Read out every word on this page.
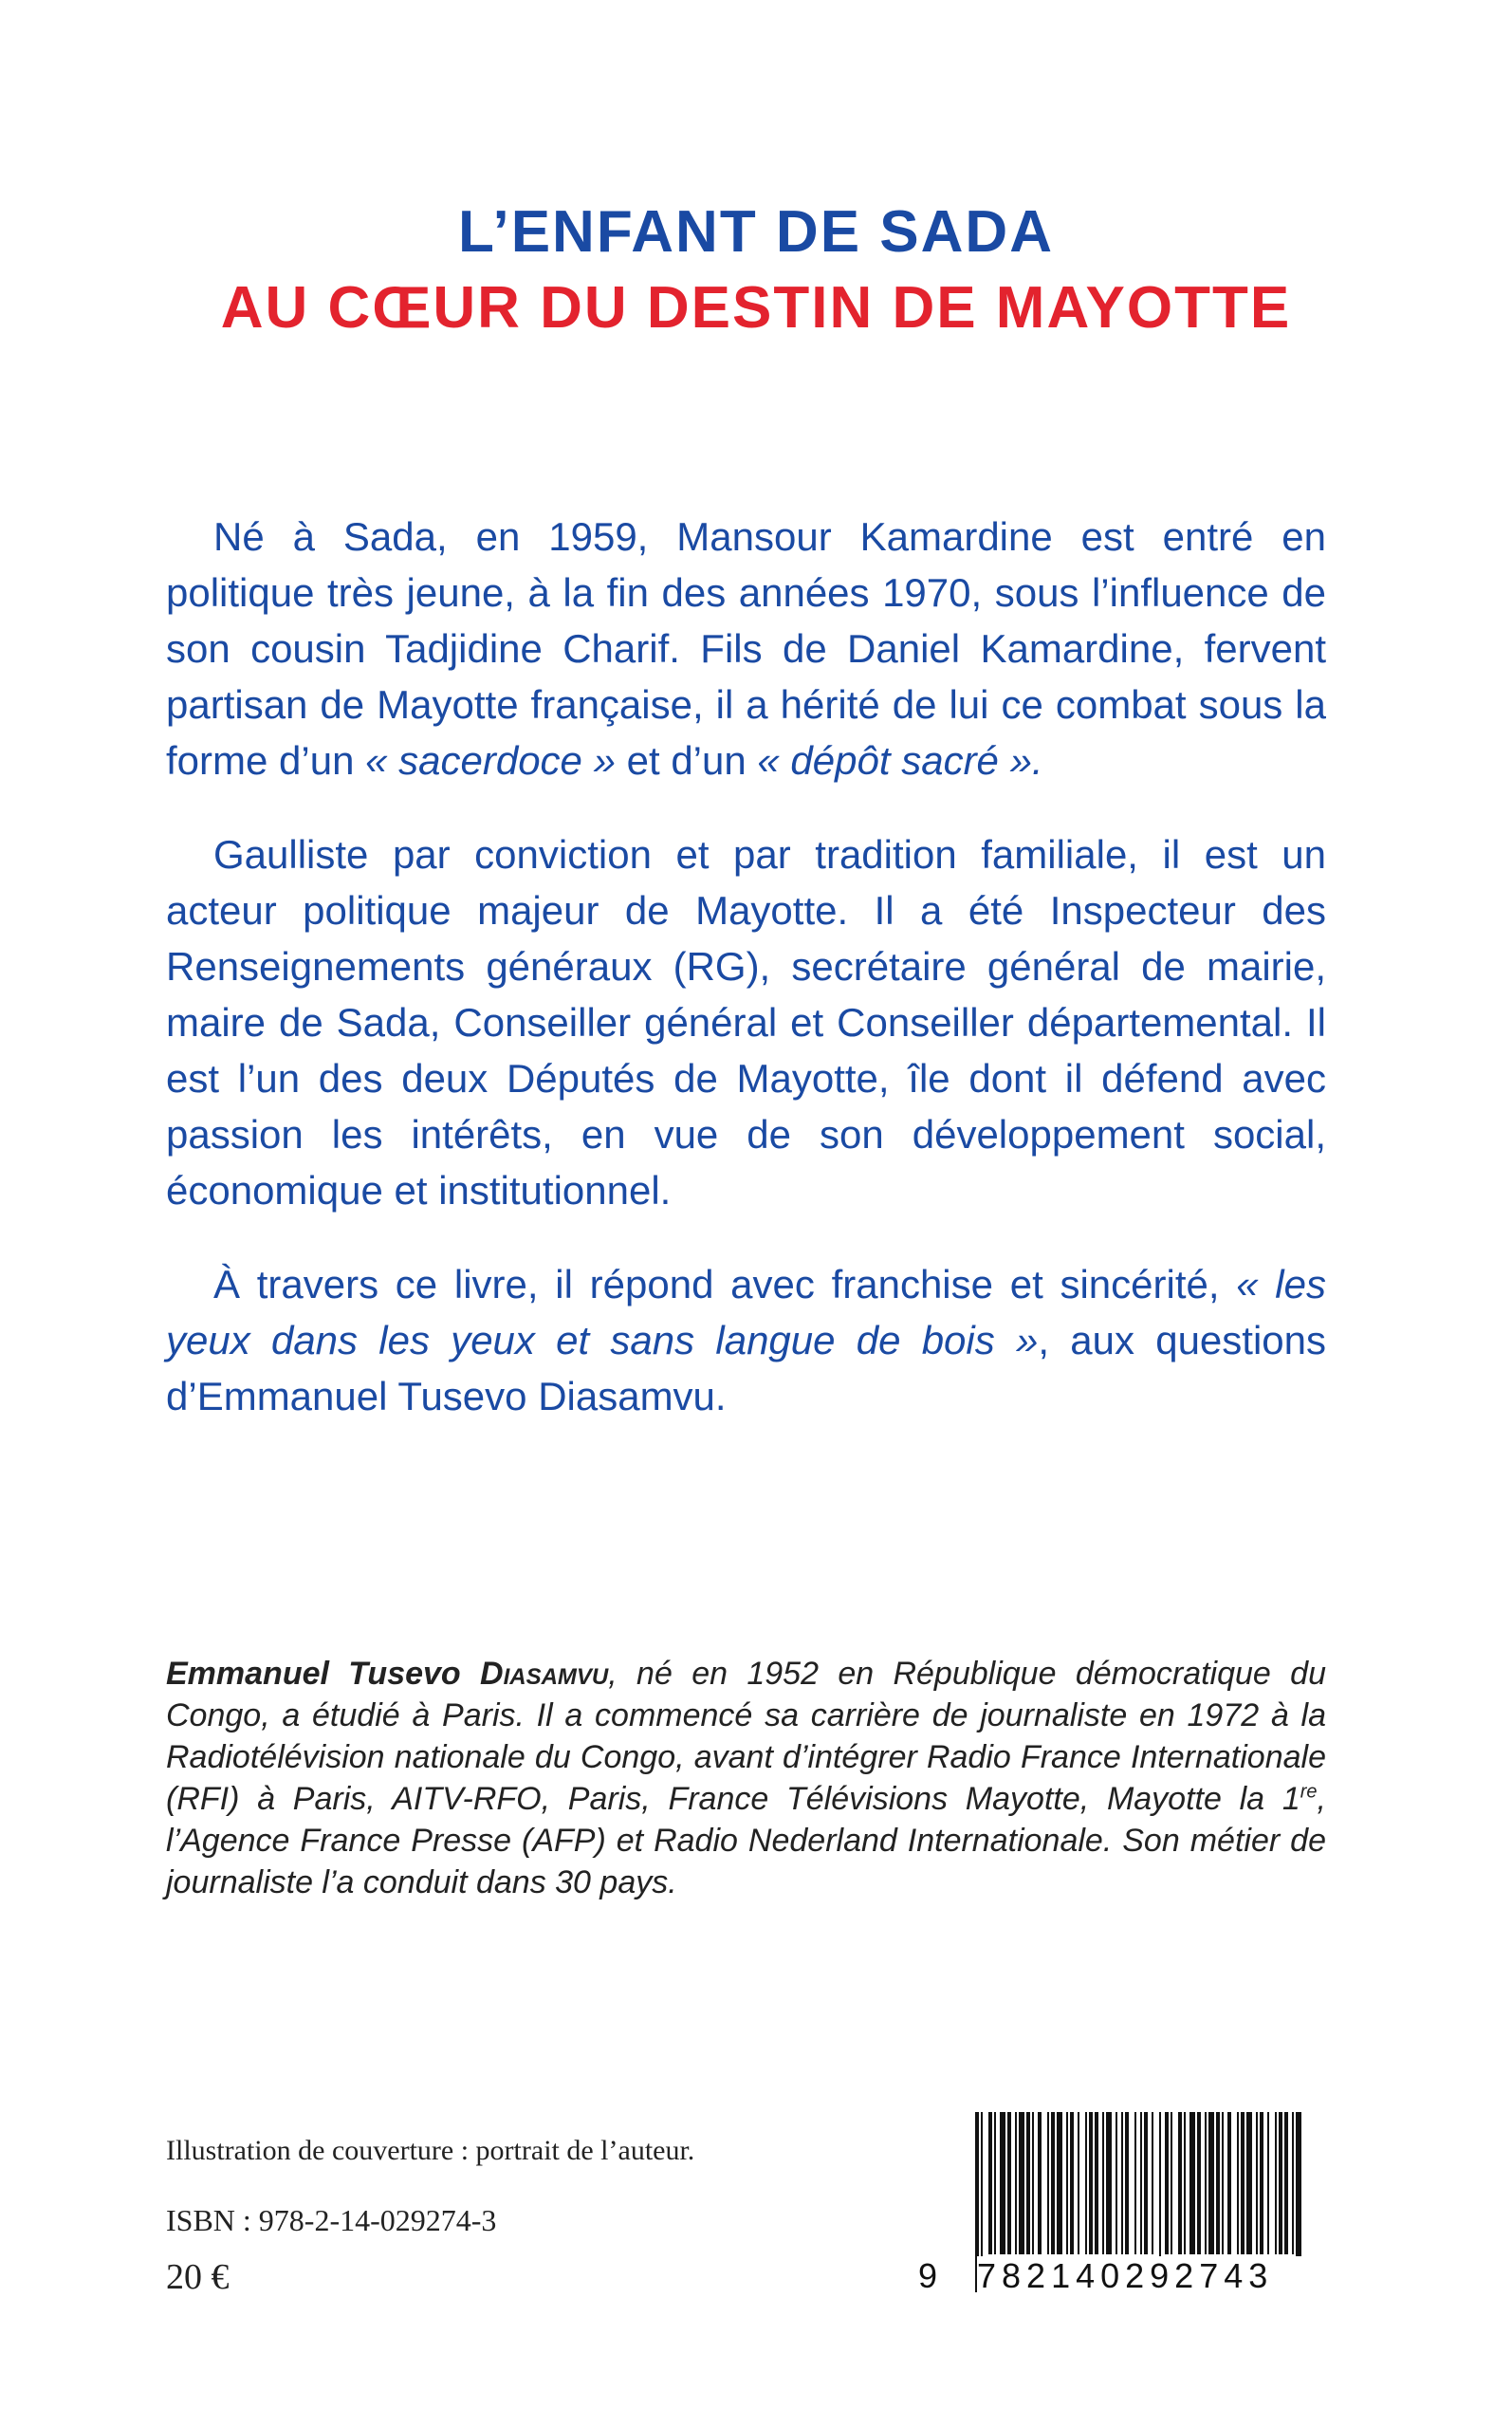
L’ENFANT DE SADA
AU CŒUR DU DESTIN DE MAYOTTE

Né à Sada, en 1959, Mansour Kamardine est entré en politique très jeune, à la fin des années 1970, sous l’influence de son cousin Tadjidine Charif. Fils de Daniel Kamardine, fervent partisan de Mayotte française, il a hérité de lui ce combat sous la forme d’un « sacerdoce » et d’un « dépôt sacré ».

Gaulliste par conviction et par tradition familiale, il est un acteur politique majeur de Mayotte. Il a été Inspecteur des Renseignements généraux (RG), secrétaire général de mairie, maire de Sada, Conseiller général et Conseiller départemental. Il est l’un des deux Députés de Mayotte, île dont il défend avec passion les intérêts, en vue de son développement social, économique et institutionnel.

À travers ce livre, il répond avec franchise et sincérité, « les yeux dans les yeux et sans langue de bois », aux questions d’Emmanuel Tusevo Diasamvu.

Emmanuel Tusevo Diasamvu, né en 1952 en République démocratique du Congo, a étudié à Paris. Il a commencé sa carrière de journaliste en 1972 à la Radiotélévision nationale du Congo, avant d’intégrer Radio France Internationale (RFI) à Paris, AITV-RFO, Paris, France Télévisions Mayotte, Mayotte la 1re, l’Agence France Presse (AFP) et Radio Nederland Internationale. Son métier de journaliste l’a conduit dans 30 pays.
Illustration de couverture : portrait de l’auteur.
ISBN : 978-2-14-029274-3
20 €	9 782140292743
